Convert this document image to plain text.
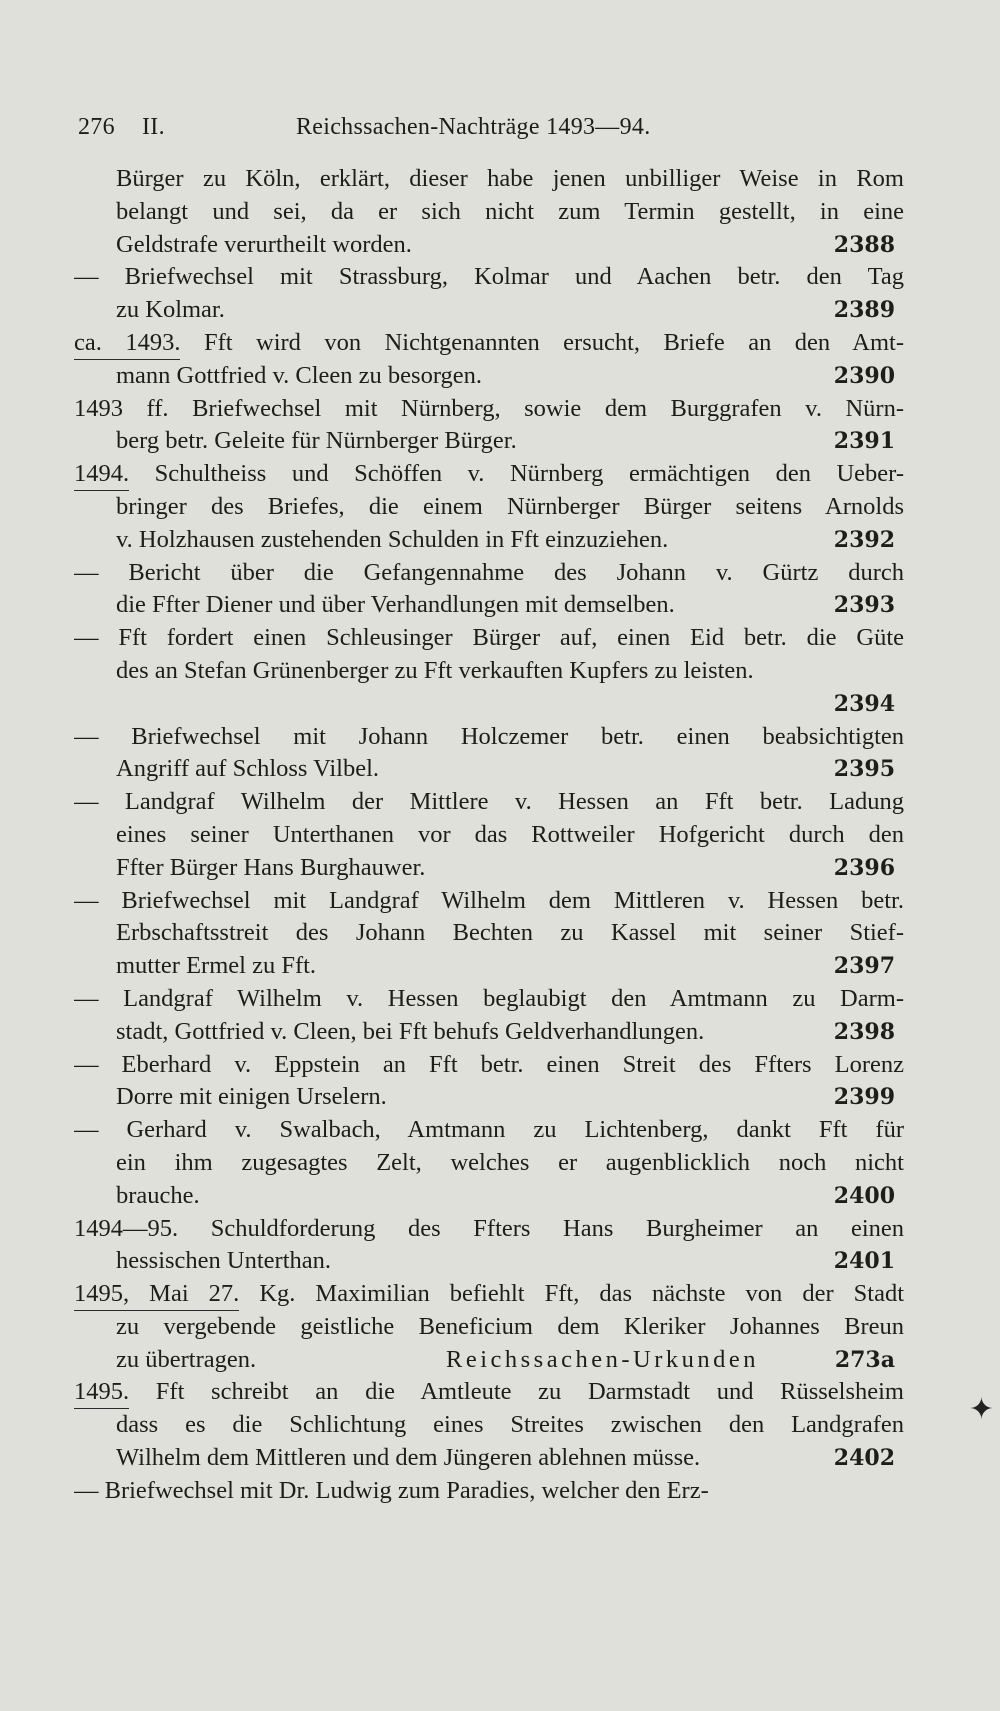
276 II.	Reichssachen-Nachträge 1493—94.
Bürger zu Köln, erklärt, dieser habe jenen unbilliger Weise in Rom
belangt und sei, da er sich nicht zum Termin gestellt, in eine
Geldstrafe verurtheilt worden.	2388
— Briefwechsel mit Strassburg, Kolmar und Aachen betr. den Tag
zu Kolmar.	2389
ca. 1493. Fft wird von Nichtgenannten ersucht, Briefe an den Amt-
mann Gottfried v. Cleen zu besorgen.	2390
1493 ff. Briefwechsel mit Nürnberg, sowie dem Burggrafen v. Nürn-
berg betr. Geleite für Nürnberger Bürger.	2391
1494. Schultheiss und Schöffen v. Nürnberg ermächtigen den Ueber-
bringer des Briefes, die einem Nürnberger Bürger seitens Arnolds
v. Holzhausen zustehenden Schulden in Fft einzuziehen.	2392
— Bericht über die Gefangennahme des Johann v. Gürtz durch
die Ffter Diener und über Verhandlungen mit demselben.	2393
— Fft fordert einen Schleusinger Bürger auf, einen Eid betr. die Güte
des an Stefan Grünenberger zu Fft verkauften Kupfers zu leisten.
2394
— Briefwechsel mit Johann Holczemer betr. einen beabsichtigten
Angriff auf Schloss Vilbel.	2395
— Landgraf Wilhelm der Mittlere v. Hessen an Fft betr. Ladung
eines seiner Unterthanen vor das Rottweiler Hofgericht durch den
Ffter Bürger Hans Burghauwer.	2396
— Briefwechsel mit Landgraf Wilhelm dem Mittleren v. Hessen betr.
Erbschaftsstreit des Johann Bechten zu Kassel mit seiner Stief-
mutter Ermel zu Fft.	2397
— Landgraf Wilhelm v. Hessen beglaubigt den Amtmann zu Darm-
stadt, Gottfried v. Cleen, bei Fft behufs Geldverhandlungen.	2398
— Eberhard v. Eppstein an Fft betr. einen Streit des Ffters Lorenz
Dorre mit einigen Urselern.	2399
— Gerhard v. Swalbach, Amtmann zu Lichtenberg, dankt Fft für
ein ihm zugesagtes Zelt, welches er augenblicklich noch nicht
brauche.	2400
1494—95. Schuldforderung des Ffters Hans Burgheimer an einen
hessischen Unterthan.	2401
1495, Mai 27. Kg. Maximilian befiehlt Fft, das nächste von der Stadt
zu vergebende geistliche Beneficium dem Kleriker Johannes Breun
zu übertragen.	Reichssachen-Urkunden	273a
1495. Fft schreibt an die Amtleute zu Darmstadt und Rüsselsheim
dass es die Schlichtung eines Streites zwischen den Landgrafen
Wilhelm dem Mittleren und dem Jüngeren ablehnen müsse.	2402
— Briefwechsel mit Dr. Ludwig zum Paradies, welcher den Erz-
✦
